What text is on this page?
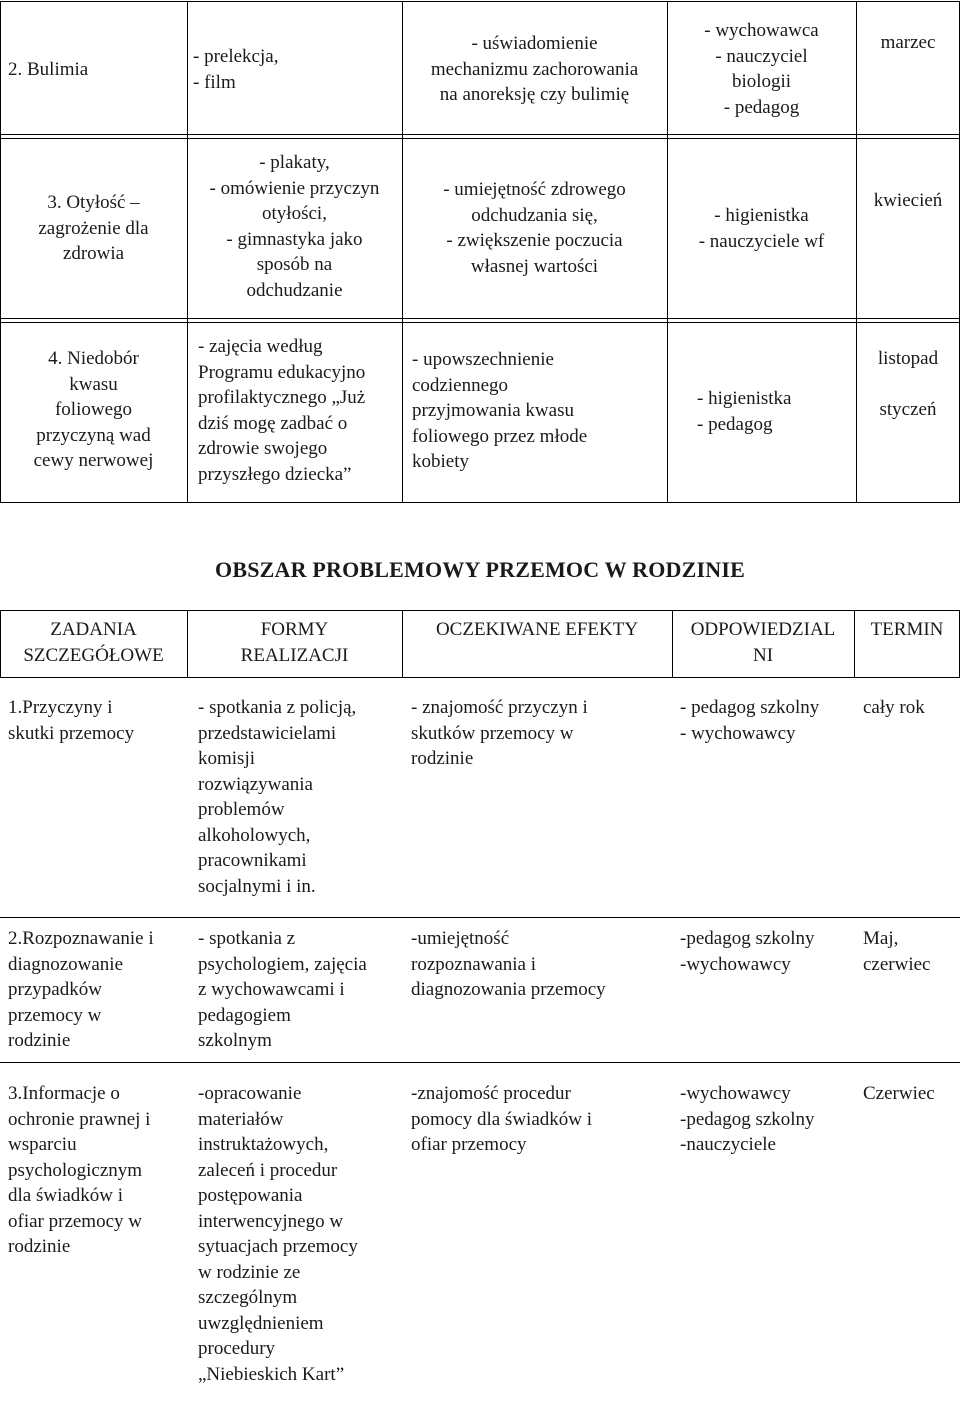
2. Bulimia
- prelekcja,
- film
- uświadomienie
mechanizmu zachorowania
na anoreksję czy bulimię
- wychowawca
- nauczyciel
biologii
- pedagog
marzec
3. Otyłość –
zagrożenie dla
zdrowia
- plakaty,
- omówienie przyczyn
otyłości,
- gimnastyka jako
sposób na
odchudzanie
- umiejętność zdrowego
odchudzania się,
- zwiększenie poczucia
własnej wartości
- higienistka
- nauczyciele wf
kwiecień
4. Niedobór
kwasu
foliowego
przyczyną wad
cewy nerwowej
- zajęcia według
Programu edukacyjno
profilaktycznego „Już
dziś mogę zadbać o
zdrowie swojego
przyszłego dziecka”
- upowszechnienie
codziennego
przyjmowania kwasu
foliowego przez młode
kobiety
- higienistka
- pedagog
listopad

styczeń
OBSZAR PROBLEMOWY PRZEMOC W RODZINIE
ZADANIA
SZCZEGÓŁOWE
FORMY
REALIZACJI
OCZEKIWANE EFEKTY	ODPOWIEDZIAL
NI
TERMIN
1.Przyczyny i
skutki przemocy
- spotkania z policją,
przedstawicielami
komisji
rozwiązywania
problemów
alkoholowych,
pracownikami
socjalnymi i in.
- znajomość przyczyn i
skutków przemocy w
rodzinie
- pedagog szkolny
- wychowawcy
cały rok
2.Rozpoznawanie i
diagnozowanie
przypadków
przemocy w
rodzinie
- spotkania z
psychologiem, zajęcia
z wychowawcami i
pedagogiem
szkolnym
-umiejętność
rozpoznawania i
diagnozowania przemocy
-pedagog szkolny
-wychowawcy
Maj,
czerwiec
3.Informacje o
ochronie prawnej i
wsparciu
psychologicznym
dla świadków i
ofiar przemocy w
rodzinie
-opracowanie
materiałów
instruktażowych,
zaleceń i procedur
postępowania
interwencyjnego w
sytuacjach przemocy
w rodzinie ze
szczególnym
uwzględnieniem
procedury
„Niebieskich Kart”
-znajomość procedur
pomocy dla świadków i
ofiar przemocy
-wychowawcy
-pedagog szkolny
-nauczyciele
Czerwiec
